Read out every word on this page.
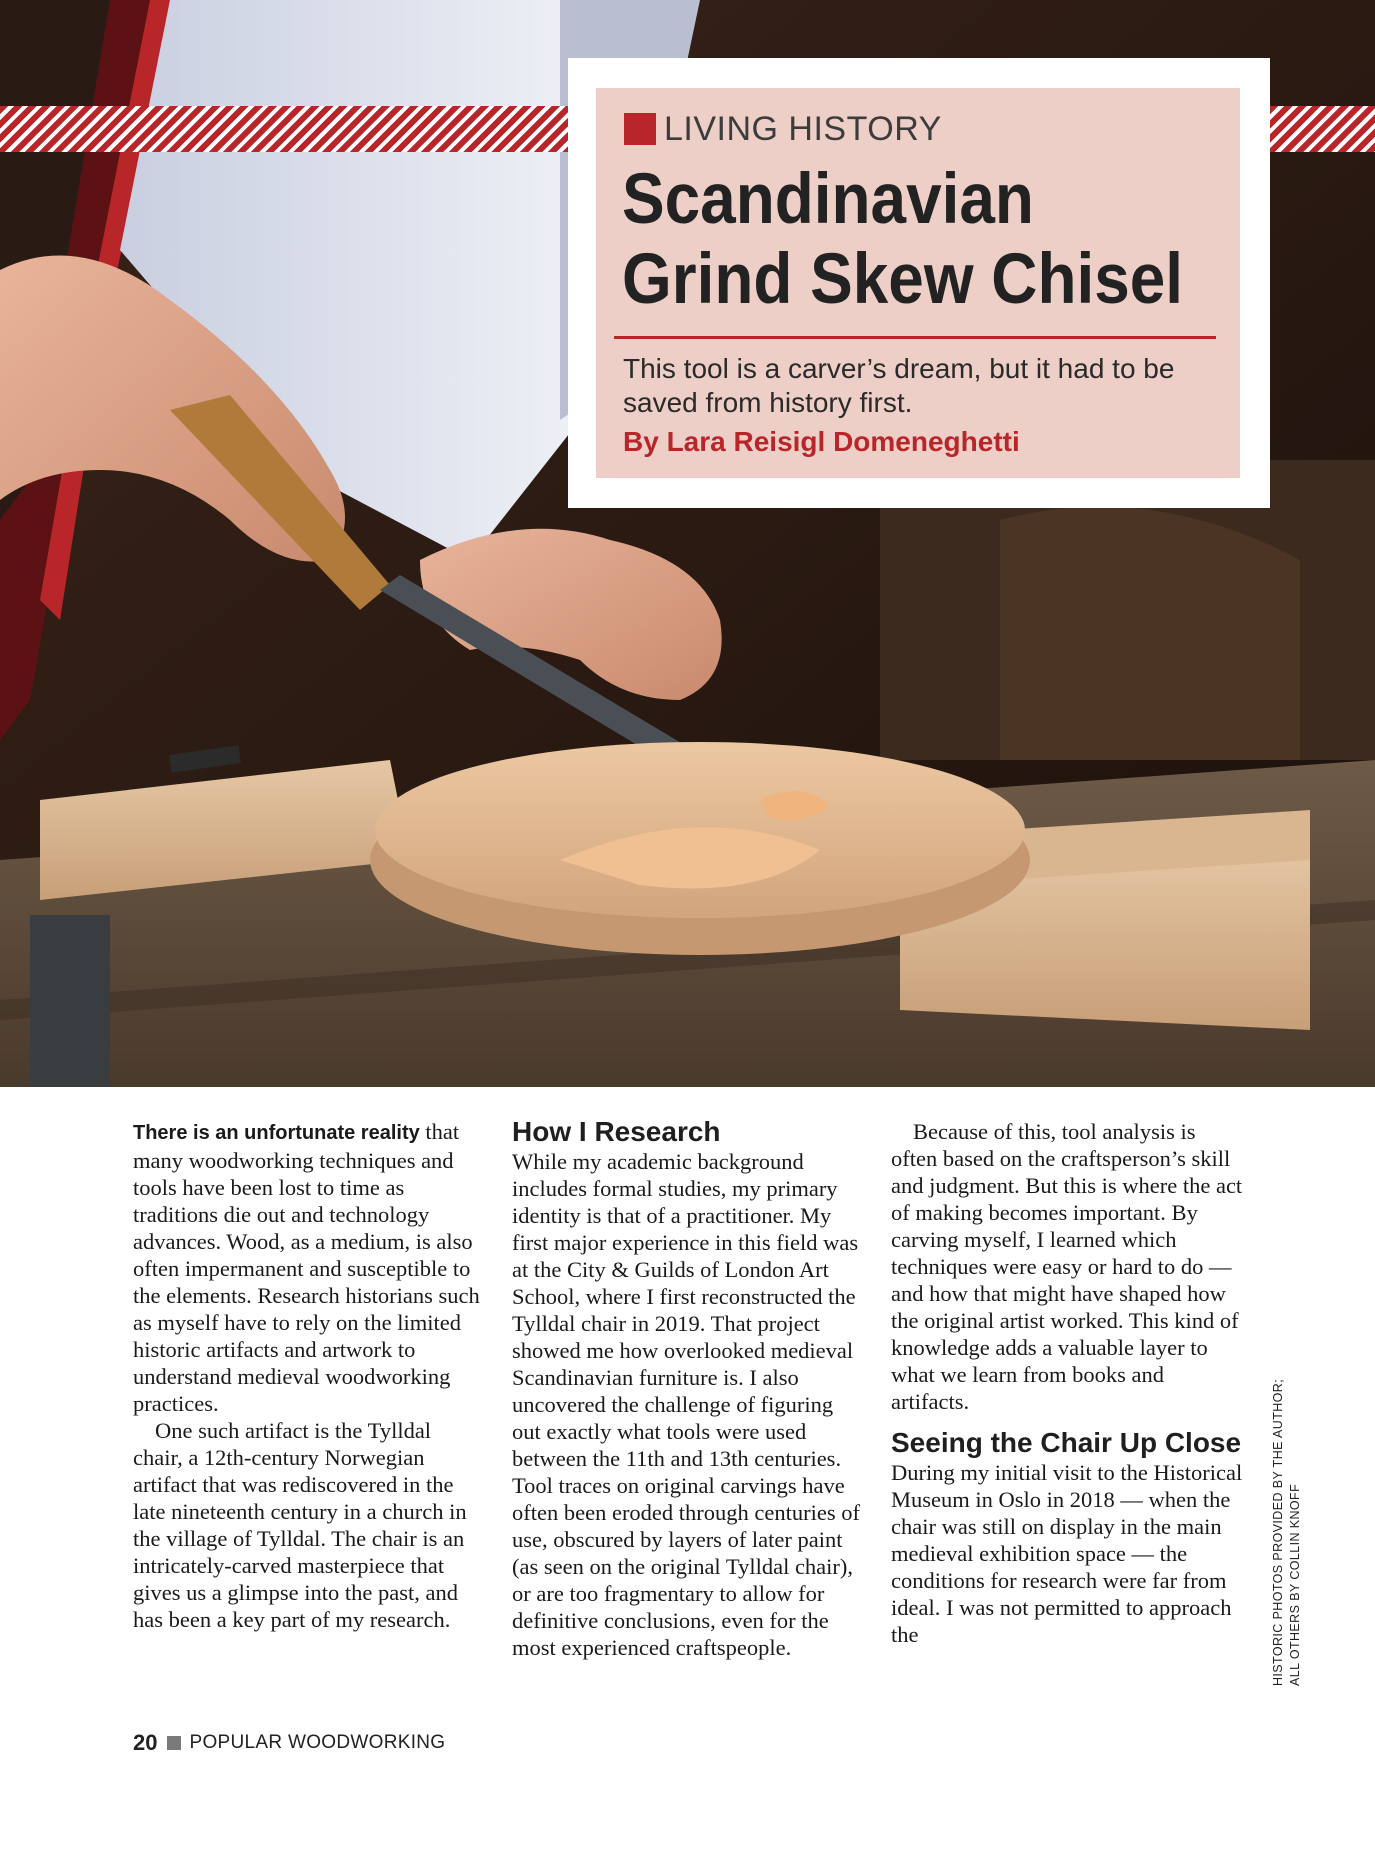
LIVING HISTORY
Scandinavian
Grind Skew Chisel

This tool is a carver’s dream, but it had to be saved from history first.

By Lara Reisigl Domeneghetti

There is an unfortunate reality that many woodworking techniques and tools have been lost to time as traditions die out and technology advances. Wood, as a medium, is also often impermanent and susceptible to the elements. Research historians such as myself have to rely on the limited historic artifacts and artwork to understand medieval woodworking practices.

One such artifact is the Tylldal chair, a 12th-century Norwegian artifact that was rediscovered in the late nineteenth century in a church in the village of Tylldal. The chair is an intricately-carved masterpiece that gives us a glimpse into the past, and has been a key part of my research.

How I Research

While my academic background includes formal studies, my primary identity is that of a practitioner. My first major experience in this field was at the City & Guilds of London Art School, where I first reconstructed the Tylldal chair in 2019. That project showed me how overlooked medieval Scandinavian furniture is. I also uncovered the challenge of figuring out exactly what tools were used between the 11th and 13th centuries. Tool traces on original carvings have often been eroded through centuries of use, obscured by layers of later paint (as seen on the original Tylldal chair), or are too fragmentary to allow for definitive conclusions, even for the most experienced craftspeople.

Because of this, tool analysis is often based on the craftsperson’s skill and judgment. But this is where the act of making becomes important. By carving myself, I learned which techniques were easy or hard to do — and how that might have shaped how the original artist worked. This kind of knowledge adds a valuable layer to what we learn from books and artifacts.

Seeing the Chair Up Close

During my initial visit to the Historical Museum in Oslo in 2018 — when the chair was still on display in the main medieval exhibition space — the conditions for research were far from ideal. I was not permitted to approach the	HISTORIC PHOTOS PROVIDED BY THE AUTHOR; ALL OTHERS BY COLLIN KNOFF
20 POPULAR WOODWORKING
